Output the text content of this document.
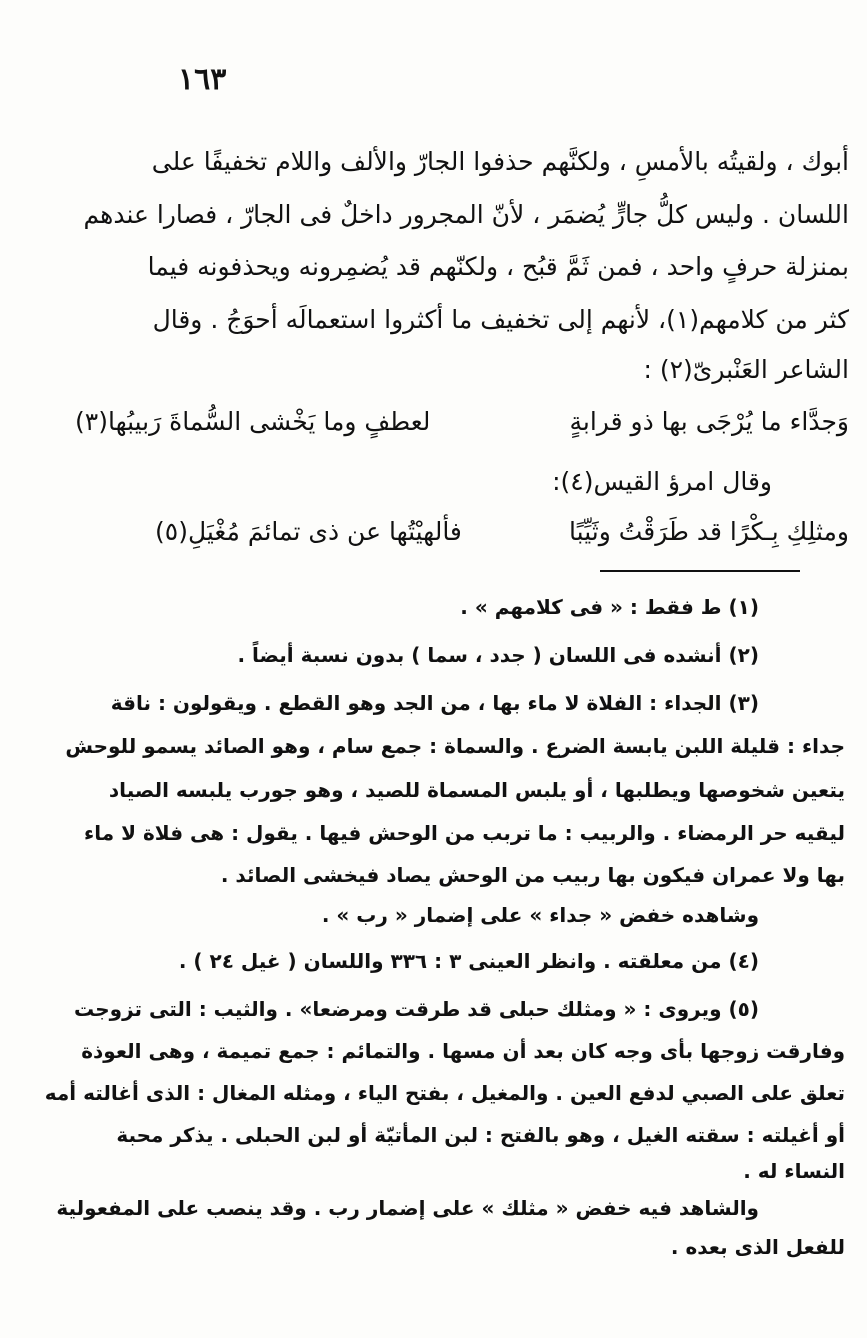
١٦٣
أبوك ، ولقيتُه بالأمسِ ، ولكنَّهم حذفوا الجارّ والألف واللام تخفيفًا على
اللسان . وليس كلُّ جارٍّ يُضمَر ، لأنّ المجرور داخلٌ فى الجارّ ، فصارا عندهم
بمنزلة حرفٍ واحد ، فمن ثَمَّ قبُح ، ولكنّهم قد يُضمِرونه ويحذفونه فيما
كثر من كلامهم(١)، لأنهم إلى تخفيف ما أكثروا استعمالَه أحوَجُ . وقال
الشاعر العَنْبرىّ(٢) :
وَجدَّاء ما يُرْجَى بها ذو قرابةٍ
لعطفٍ وما يَخْشى السُّماةَ رَبيبُها(٣)
وقال امرؤ القيس(٤):
ومثلِكِ بِـكْرًا قد طَرَقْتُ وثَيِّبًا
فألهيْتُها عن ذى تمائمَ مُغْيَلِ(٥)
(١) ط فقط : « فى كلامهم » .
(٢) أنشده فى اللسان ( جدد ، سما ) بدون نسبة أيضاً .
(٣) الجداء : الفلاة لا ماء بها ، من الجد وهو القطع . ويقولون : ناقة
جداء : قليلة اللبن يابسة الضرع . والسماة : جمع سام ، وهو الصائد يسمو للوحش
يتعين شخوصها ويطلبها ، أو يلبس المسماة للصيد ، وهو جورب يلبسه الصياد
ليقيه حر الرمضاء . والربيب : ما تربب من الوحش فيها . يقول : هى فلاة لا ماء
بها ولا عمران فيكون بها ربيب من الوحش يصاد فيخشى الصائد .
وشاهده خفض « جداء » على إضمار « رب » .
(٤) من معلقته . وانظر العينى ٣ : ٣٣٦ واللسان ( غيل ٢٤ ) .
(٥) ويروى : « ومثلك حبلى قد طرقت ومرضعا» . والثيب : التى تزوجت
وفارقت زوجها بأى وجه كان بعد أن مسها . والتمائم : جمع تميمة ، وهى العوذة
تعلق على الصبي لدفع العين . والمغيل ، بفتح الياء ، ومثله المغال : الذى أغالته أمه
أو أغيلته : سقته الغيل ، وهو بالفتح : لبن المأتيّة أو لبن الحبلى . يذكر محبة
النساء له .
والشاهد فيه خفض « مثلك » على إضمار رب . وقد ينصب على المفعولية
للفعل الذى بعده .
